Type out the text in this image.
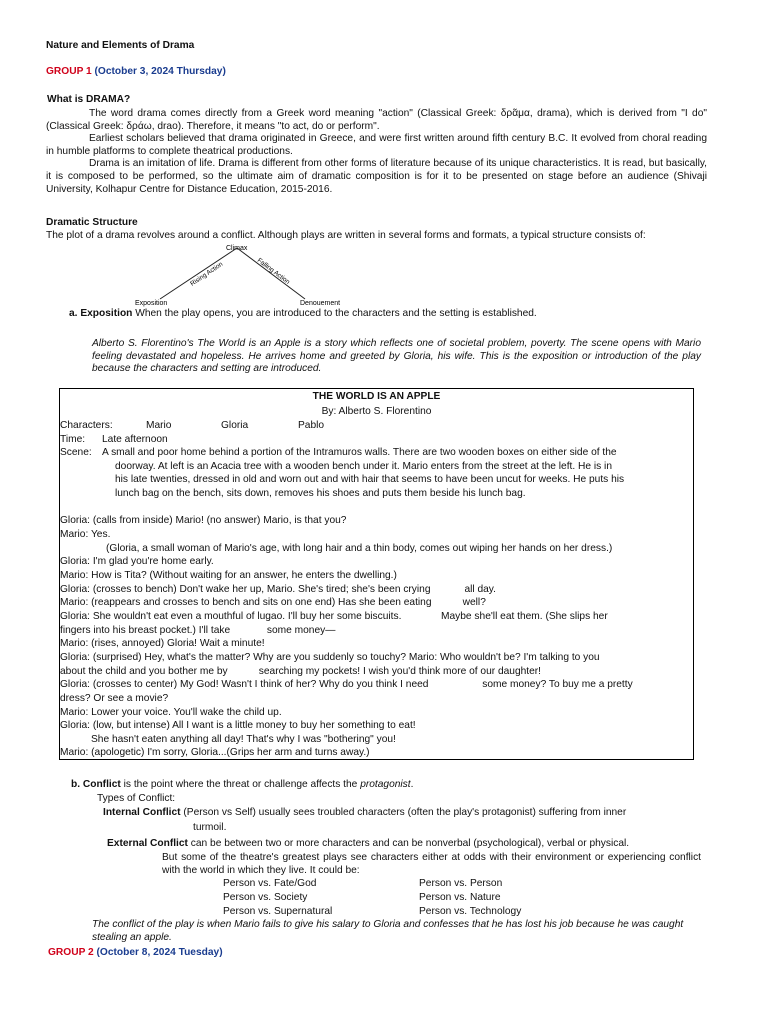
Nature and Elements of Drama
GROUP 1 (October 3, 2024 Thursday)
What is DRAMA?

The word drama comes directly from a Greek word meaning "action" (Classical Greek: δρᾶμα, drama), which is derived from "I do" (Classical Greek: δράω, drao). Therefore, it means "to act, do or perform".

Earliest scholars believed that drama originated in Greece, and were first written around fifth century B.C. It evolved from choral reading in humble platforms to complete theatrical productions.

Drama is an imitation of life. Drama is different from other forms of literature because of its unique characteristics. It is read, but basically, it is composed to be performed, so the ultimate aim of dramatic composition is for it to be presented on stage before an audience (Shivaji University, Kolhapur Centre for Distance Education, 2015-2016.

Dramatic Structure

The plot of a drama revolves around a conflict. Although plays are written in several forms and formats, a typical structure consists of:

Climax
Exposition	Denouement
Rising Action	Falling Action
a. Exposition When the play opens, you are introduced to the characters and the setting is established.

Alberto S. Florentino's The World is an Apple is a story which reflects one of societal problem, poverty. The scene opens with Mario feeling devastated and hopeless. He arrives home and greeted by Gloria, his wife. This is the exposition or introduction of the play because the characters and setting are introduced.

THE WORLD IS AN APPLE
By: Alberto S. Florentino
Characters:	Mario	Gloria	Pablo
Time: Late afternoon
Scene: A small and poor home behind a portion of the Intramuros walls. There are two wooden boxes on either side of the
doorway. At left is an Acacia tree with a wooden bench under it. Mario enters from the street at the left. He is in
his late twenties, dressed in old and worn out and with hair that seems to have been uncut for weeks. He puts his
lunch bag on the bench, sits down, removes his shoes and puts them beside his lunch bag.
Gloria: (calls from inside) Mario! (no answer) Mario, is that you?
Mario: Yes.
(Gloria, a small woman of Mario's age, with long hair and a thin body, comes out wiping her hands on her dress.)
Gloria: I'm glad you're home early.
Mario: How is Tita? (Without waiting for an answer, he enters the dwelling.)
Gloria: (crosses to bench) Don't wake her up, Mario. She's tired; she's been crying            all day.
Mario: (reappears and crosses to bench and sits on one end) Has she been eating           well?
Gloria: She wouldn't eat even a mouthful of lugao. I'll buy her some biscuits.              Maybe she'll eat them. (She slips her
fingers into his breast pocket.) I'll take             some money—
Mario: (rises, annoyed) Gloria! Wait a minute!
Gloria: (surprised) Hey, what's the matter? Why are you suddenly so touchy? Mario: Who wouldn't be? I'm talking to you
about the child and you bother me by           searching my pockets! I wish you'd think more of our daughter!
Gloria: (crosses to center) My God! Wasn't I think of her? Why do you think I need                   some money? To buy me a pretty
dress? Or see a movie?
Mario: Lower your voice. You'll wake the child up.
Gloria: (low, but intense) All I want is a little money to buy her something to eat!
She hasn't eaten anything all day! That's why I was "bothering" you!
Mario: (apologetic) I'm sorry, Gloria...(Grips her arm and turns away.)
b. Conflict is the point where the threat or challenge affects the protagonist.
Types of Conflict:
Internal Conflict (Person vs Self) usually sees troubled characters (often the play's protagonist) suffering from inner
turmoil.
External Conflict can be between two or more characters and can be nonverbal (psychological), verbal or physical.

But some of the theatre's greatest plays see characters either at odds with their environment or experiencing conflict with the world in which they live. It could be:

Person vs. Fate/God	Person vs. Person
Person vs. Society	Person vs. Nature
Person vs. Supernatural	Person vs. Technology

The conflict of the play is when Mario fails to give his salary to Gloria and confesses that he has lost his job because he was caught stealing an apple.

GROUP 2 (October 8, 2024 Tuesday)
